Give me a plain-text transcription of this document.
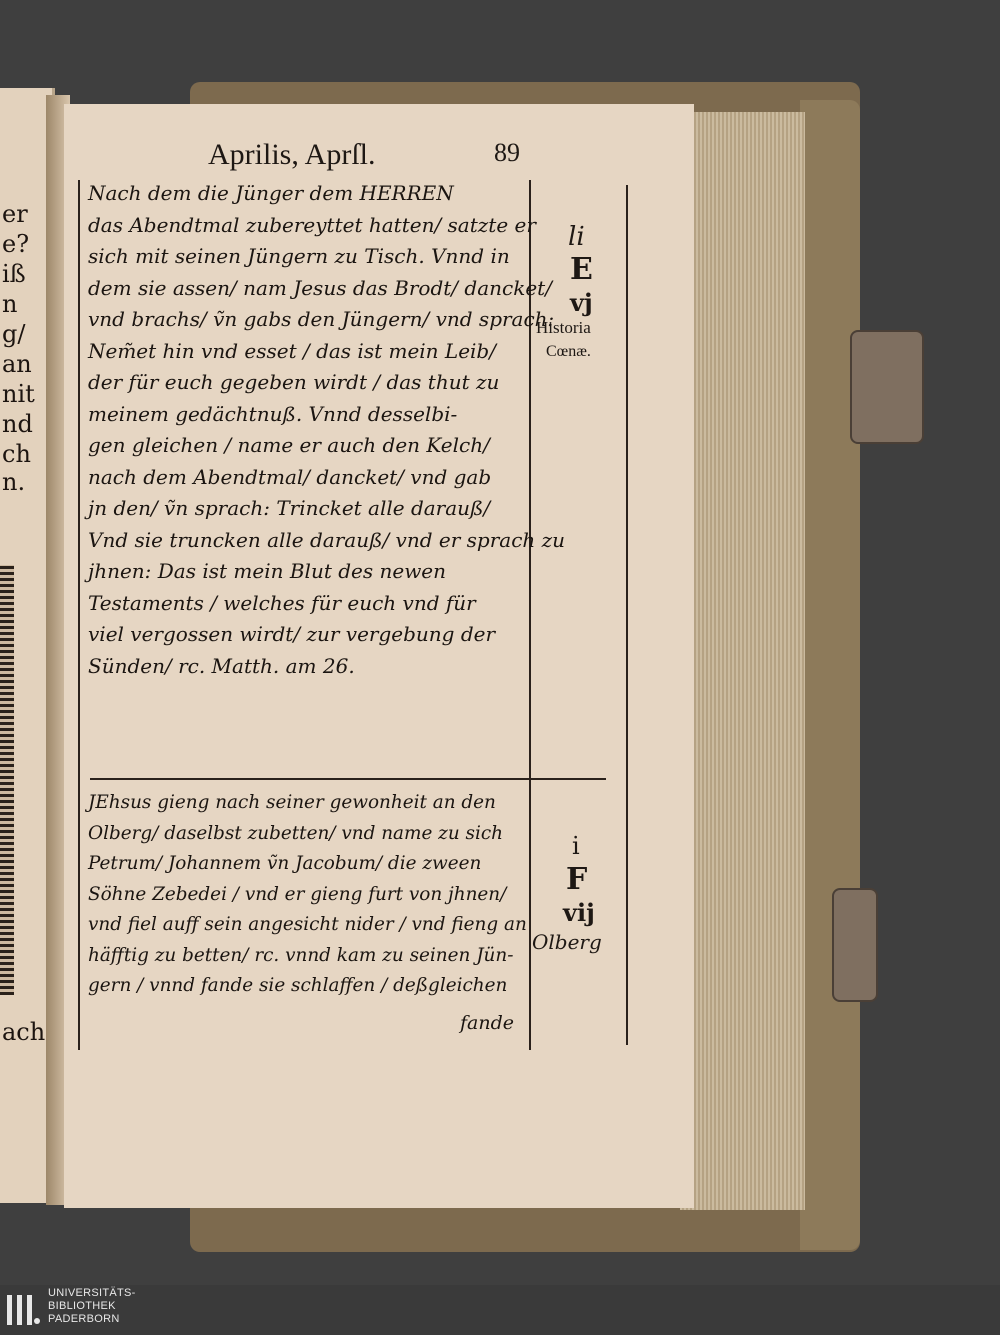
er
e?
iß
n
g/
an
nit
nd
ch
n.
ach
Aprilis, Aprſl.	89
Nach dem die Jünger dem HERREN
das Abendtmal zubereyttet hatten/ satzte er
sich mit seinen Jüngern zu Tisch. Vnnd in
dem sie assen/ nam Jesus das Brodt/ dancket/
vnd brachs/ ṽn gabs den Jüngern/ vnd sprach:
Nem̃et hin vnd esset / das ist mein Leib/
der für euch gegeben wirdt / das thut zu
meinem gedächtnuß. Vnnd desselbi-
gen gleichen / name er auch den Kelch/
nach dem Abendtmal/ dancket/ vnd gab
jn den/ ṽn sprach: Trincket alle darauß/
Vnd sie truncken alle darauß/ vnd er sprach zu
jhnen: Das ist mein Blut des newen
Testaments / welches für euch vnd für
viel vergossen wirdt/ zur vergebung der
Sünden/ rc. Matth. am 26.
li
E
vj
Historia
Cœnæ.
JEhsus gieng nach seiner gewonheit an den
Olberg/ daselbst zubetten/ vnd name zu sich
Petrum/ Johannem ṽn Jacobum/ die zween
Söhne Zebedei / vnd er gieng furt von jhnen/
vnd fiel auff sein angesicht nider / vnd fieng an
häfftig zu betten/ rc. vnnd kam zu seinen Jün-
gern / vnnd fande sie schlaffen / deßgleichen
fande
i
F
vij
Olberg
UNIVERSITÄTS-
BIBLIOTHEK
PADERBORN
